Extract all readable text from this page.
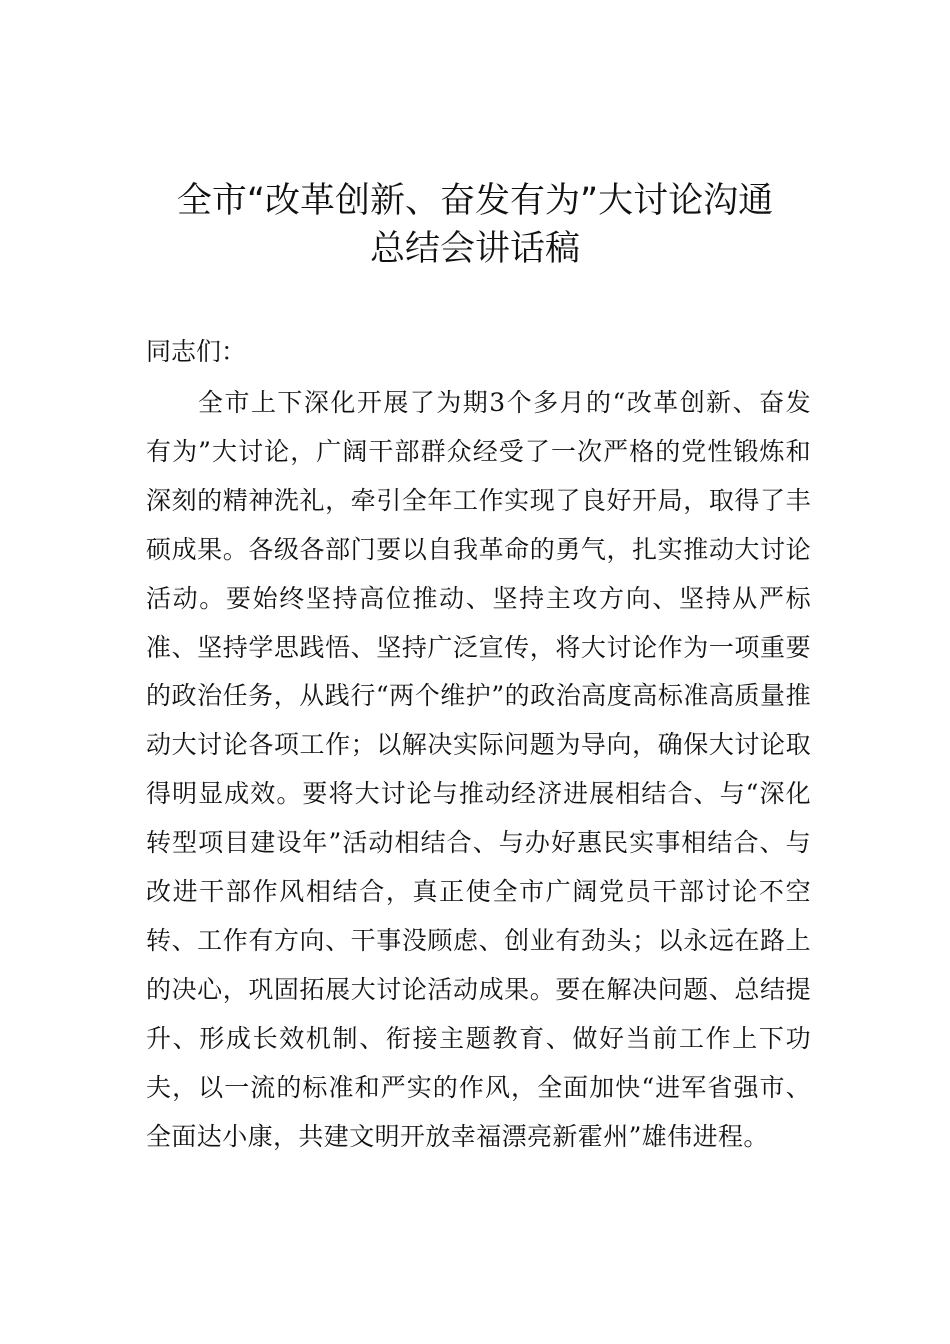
全市“改革创新、奋发有为”大讨论沟通
总结会讲话稿

同志们：

全市上下深化开展了为期3个多月的“改革创新、奋发有为”大讨论，广阔干部群众经受了一次严格的党性锻炼和深刻的精神洗礼，牵引全年工作实现了良好开局，取得了丰硕成果。各级各部门要以自我革命的勇气，扎实推动大讨论活动。要始终坚持高位推动、坚持主攻方向、坚持从严标准、坚持学思践悟、坚持广泛宣传，将大讨论作为一项重要的政治任务，从践行“两个维护”的政治高度高标准高质量推动大讨论各项工作；以解决实际问题为导向，确保大讨论取得明显成效。要将大讨论与推动经济进展相结合、与“深化转型项目建设年”活动相结合、与办好惠民实事相结合、与改进干部作风相结合，真正使全市广阔党员干部讨论不空转、工作有方向、干事没顾虑、创业有劲头；以永远在路上的决心，巩固拓展大讨论活动成果。要在解决问题、总结提升、形成长效机制、衔接主题教育、做好当前工作上下功夫，以一流的标准和严实的作风，全面加快“进军省强市、全面达小康，共建文明开放幸福漂亮新霍州”雄伟进程。
